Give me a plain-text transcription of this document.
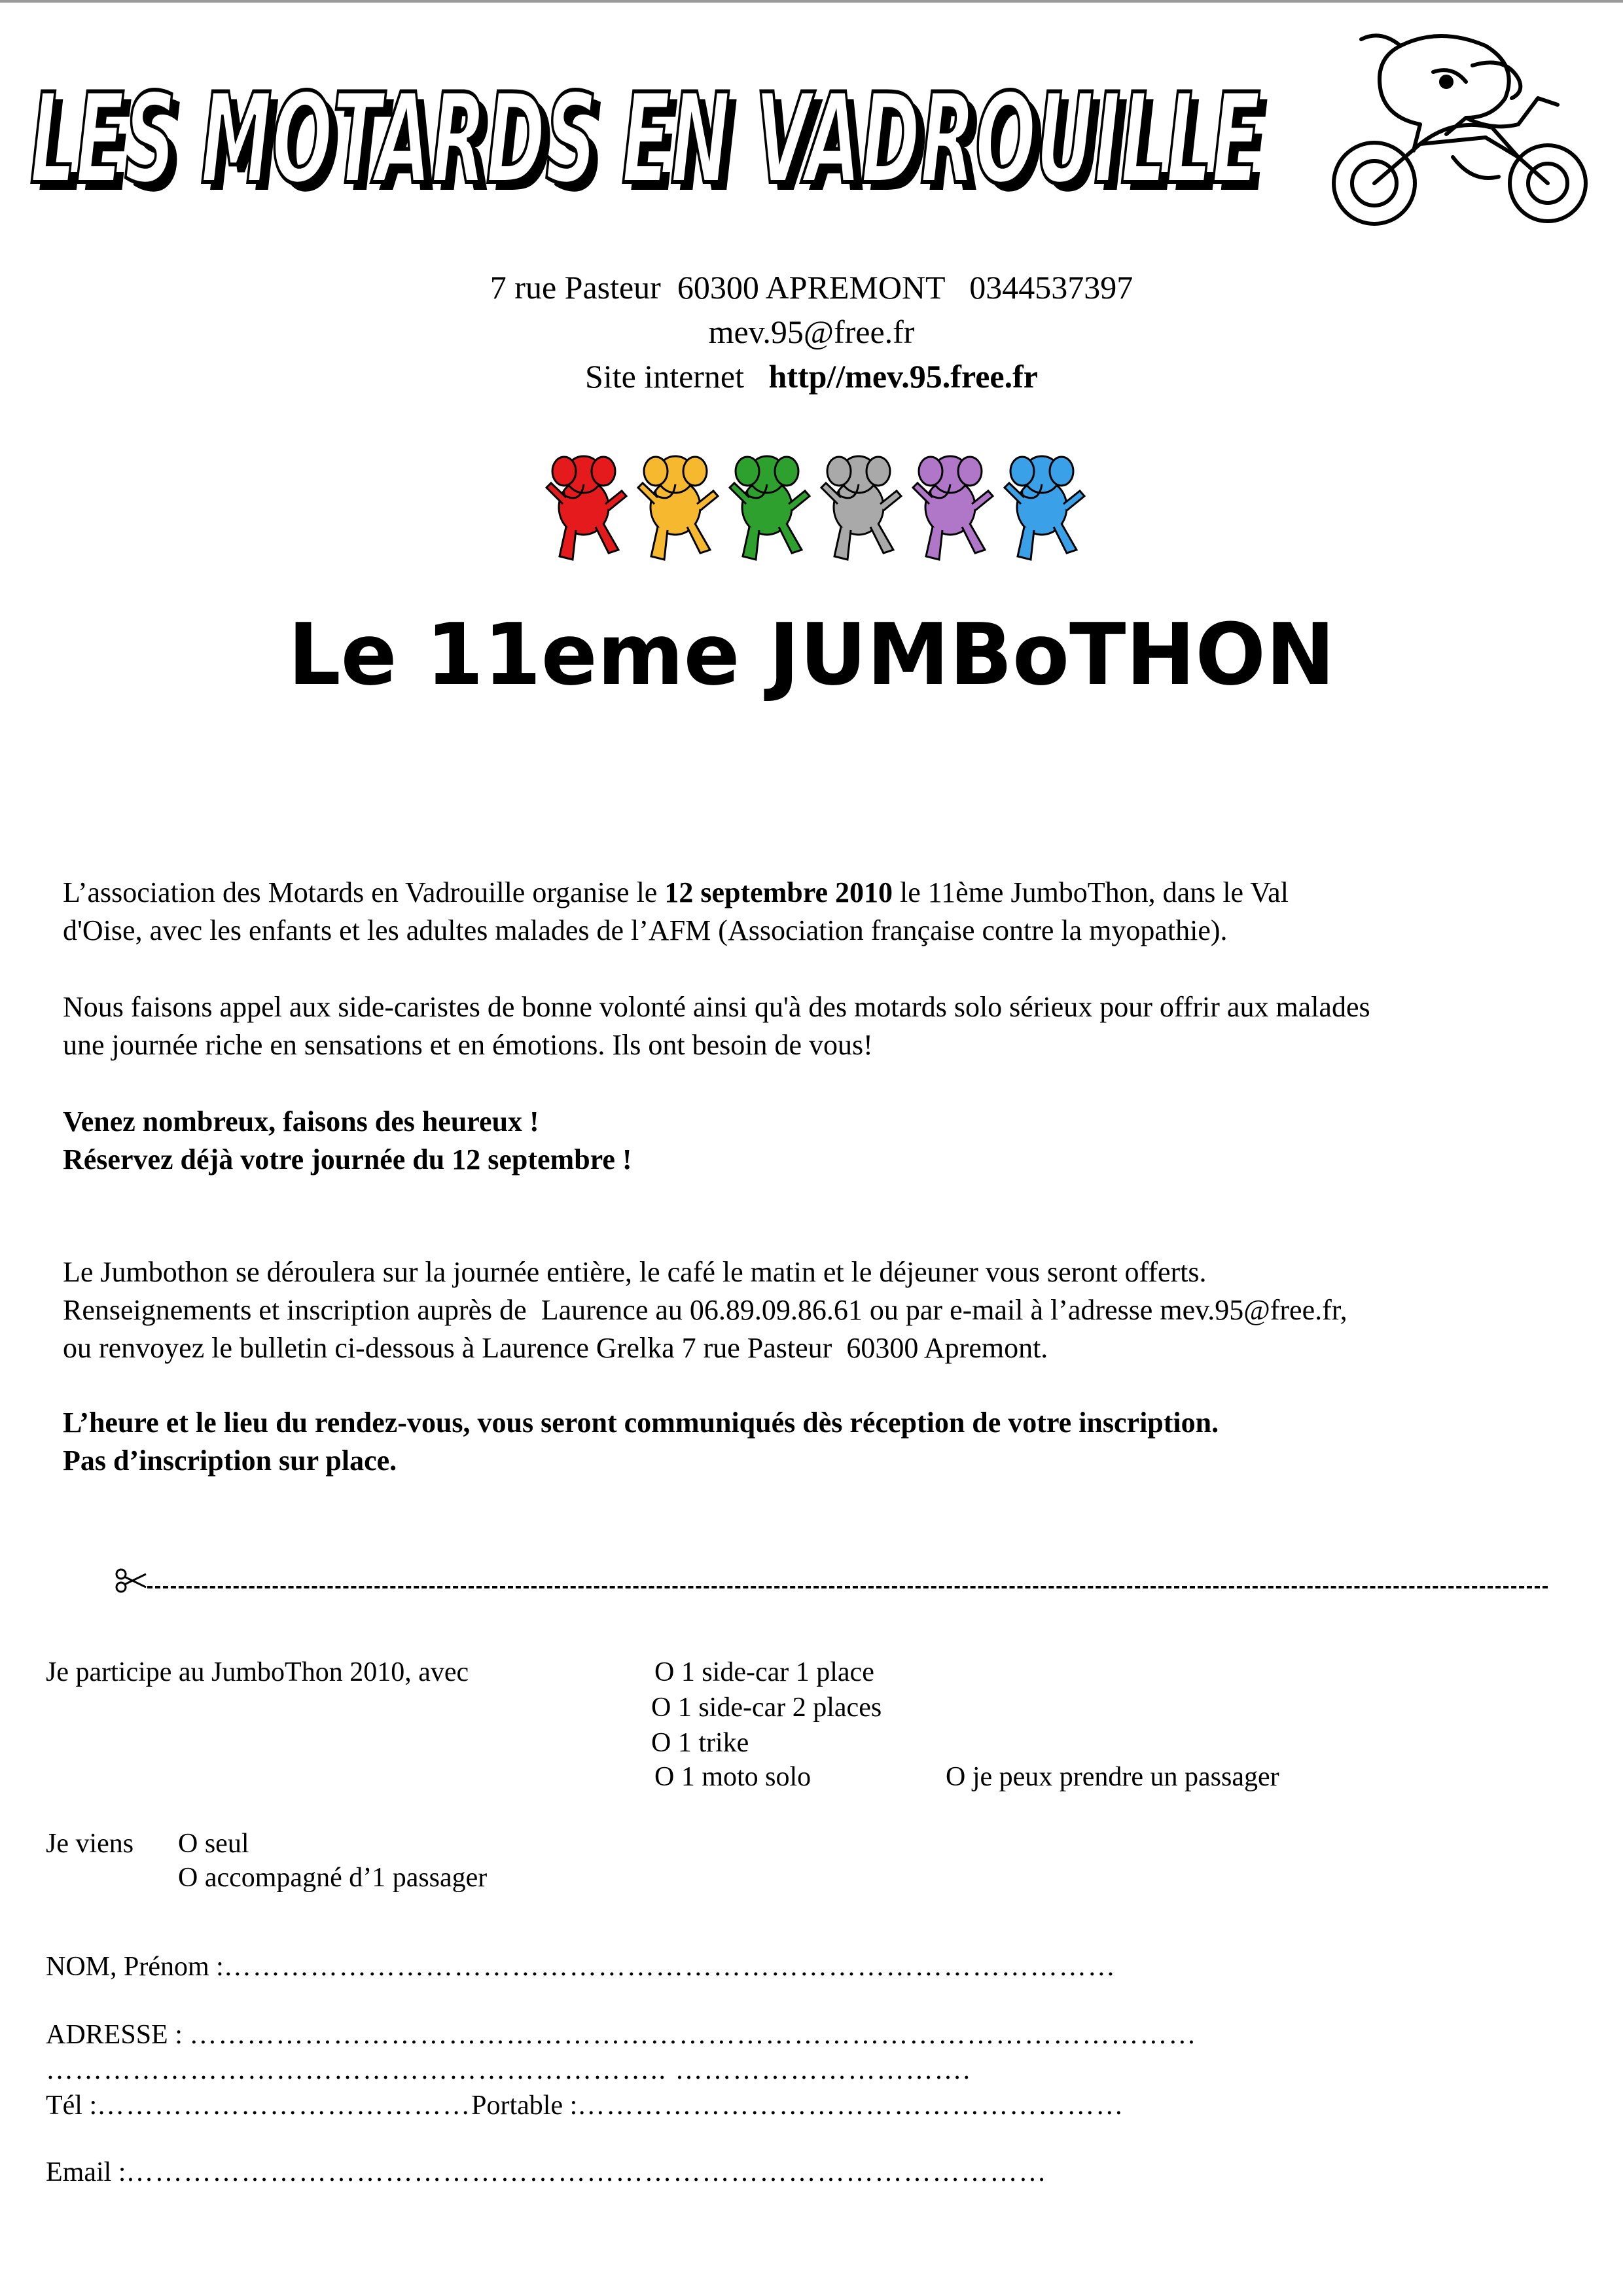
LES MOTARDS EN VADROUILLE
LES MOTARDS EN VADROUILLE
7 rue Pasteur  60300 APREMONT   0344537397
mev.95@free.fr
Site internet http//mev.95.free.fr
Le 11eme JUMBoTHON
L’association des Motards en Vadrouille organise le 12 septembre 2010 le 11ème JumboThon, dans le Val
d'Oise, avec les enfants et les adultes malades de l’AFM (Association française contre la myopathie).
Nous faisons appel aux side-caristes de bonne volonté ainsi qu'à des motards solo sérieux pour offrir aux malades
une journée riche en sensations et en émotions. Ils ont besoin de vous!
Venez nombreux, faisons des heureux !
Réservez déjà votre journée du 12 septembre !
Le Jumbothon se déroulera sur la journée entière, le café le matin et le déjeuner vous seront offerts.
Renseignements et inscription auprès de  Laurence au 06.89.09.86.61 ou par e-mail à l’adresse mev.95@free.fr,
ou renvoyez le bulletin ci-dessous à Laurence Grelka 7 rue Pasteur  60300 Apremont.
L’heure et le lieu du rendez-vous, vous seront communiqués dès réception de votre inscription.
Pas d’inscription sur place.
Je participe au JumboThon 2010, avec	O 1 side-car 1 place
O 1 side-car 2 places
O 1 trike
O 1 moto solo	O je peux prendre un passager
Je viens O seul
O accompagné d’1 passager
NOM, Prénom :…………………………………………………………………………………
ADRESSE : ……………………………………………………………………………………………
……………………………………………………….. ………………………….
Tél :…………………………………Portable :…………………………………………………
Email :……………………………………………………………………………………
